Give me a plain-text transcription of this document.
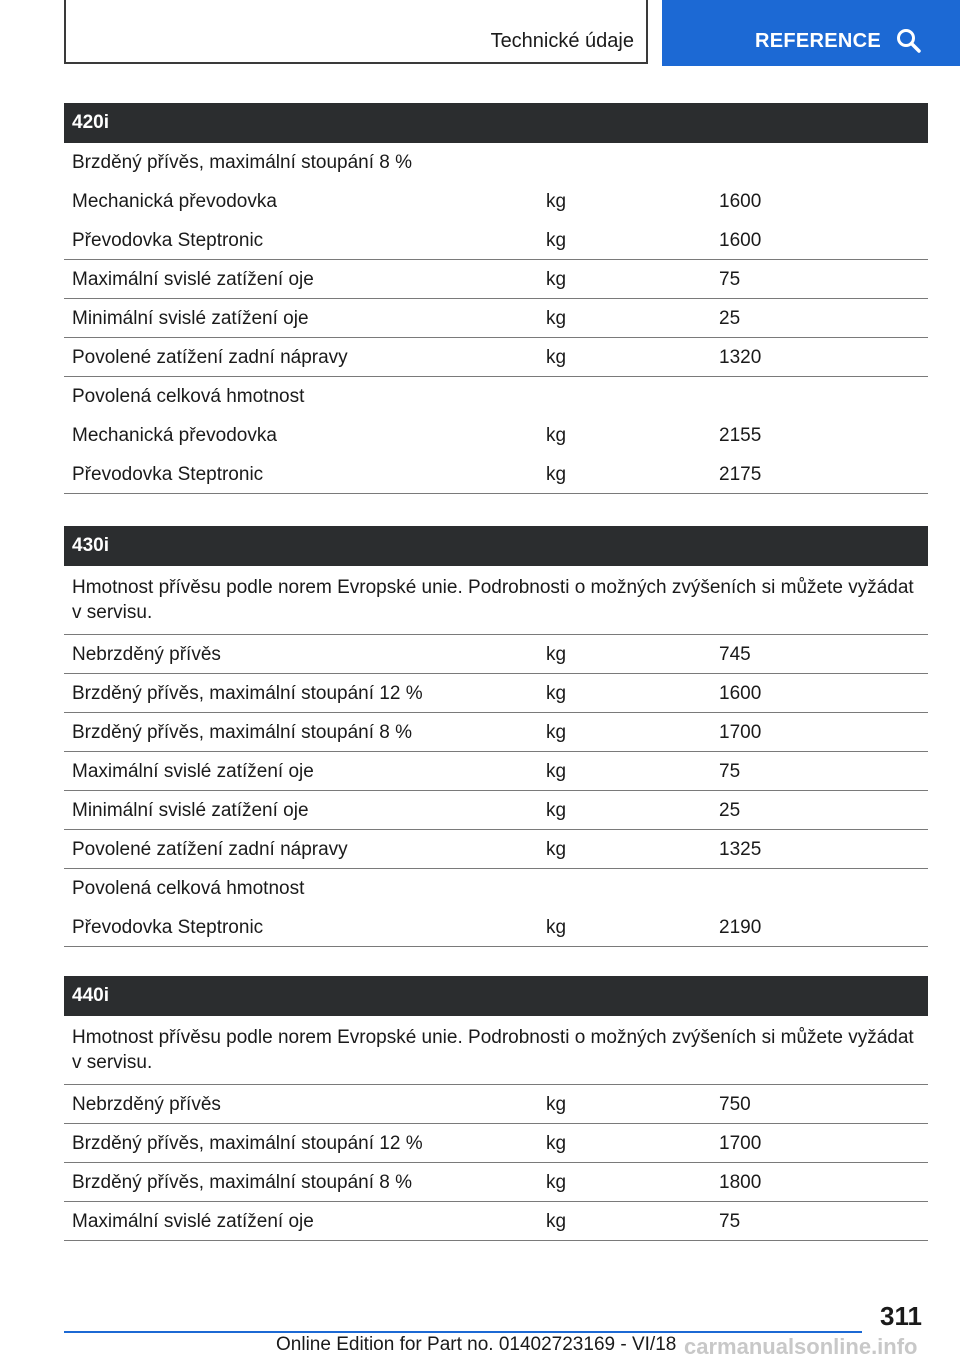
Technické údaje	REFERENCE
420i
Brzděný přívěs, maximální stoupání 8 %
Mechanická převodovka	kg	1600
Převodovka Steptronic	kg	1600
Maximální svislé zatížení oje	kg	75
Minimální svislé zatížení oje	kg	25
Povolené zatížení zadní nápravy	kg	1320
Povolená celková hmotnost
Mechanická převodovka	kg	2155
Převodovka Steptronic	kg	2175
430i
Hmotnost přívěsu podle norem Evropské unie. Podrobnosti o možných zvýšeních si můžete vyžádat v servisu.
Nebrzděný přívěs	kg	745
Brzděný přívěs, maximální stoupání 12 %	kg	1600
Brzděný přívěs, maximální stoupání 8 %	kg	1700
Maximální svislé zatížení oje	kg	75
Minimální svislé zatížení oje	kg	25
Povolené zatížení zadní nápravy	kg	1325
Povolená celková hmotnost
Převodovka Steptronic	kg	2190
440i
Hmotnost přívěsu podle norem Evropské unie. Podrobnosti o možných zvýšeních si můžete vyžádat v servisu.
Nebrzděný přívěs	kg	750
Brzděný přívěs, maximální stoupání 12 %	kg	1700
Brzděný přívěs, maximální stoupání 8 %	kg	1800
Maximální svislé zatížení oje	kg	75
311
Online Edition for Part no. 01402723169 - VI/18 carmanualsonline.info
